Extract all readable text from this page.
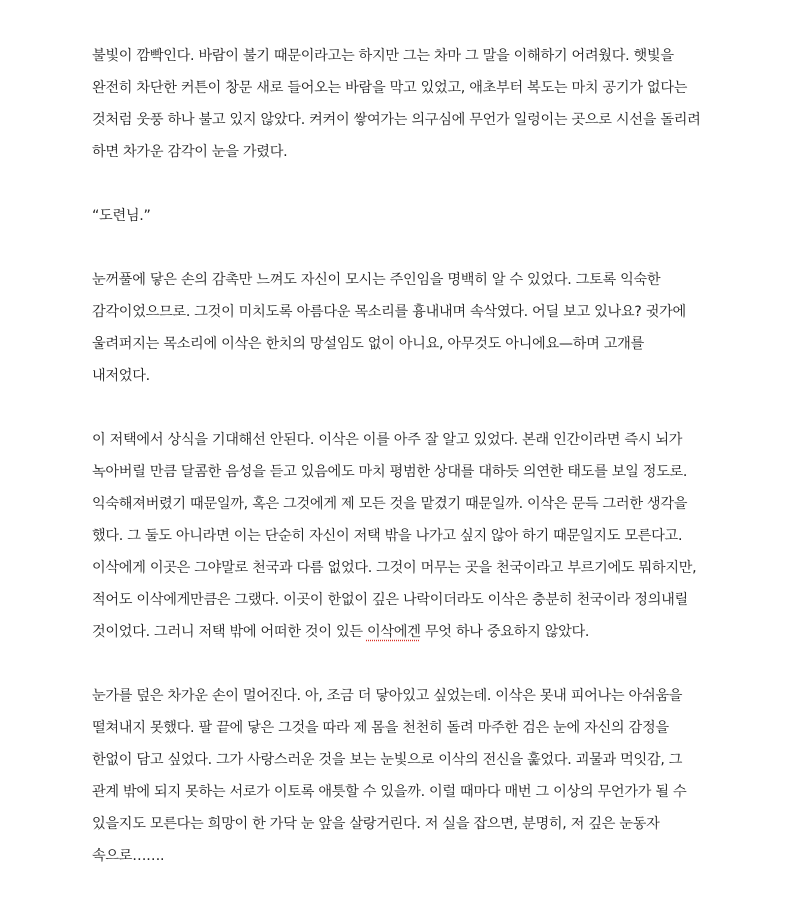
불빛이 깜빡인다. 바람이 불기 때문이라고는 하지만 그는 차마 그 말을 이해하기 어려웠다. 햇빛을
완전히 차단한 커튼이 창문 새로 들어오는 바람을 막고 있었고, 애초부터 복도는 마치 공기가 없다는
것처럼 웃풍 하나 불고 있지 않았다. 켜켜이 쌓여가는 의구심에 무언가 일렁이는 곳으로 시선을 돌리려
하면 차가운 감각이 눈을 가렸다.
“도련님.”
눈꺼풀에 닿은 손의 감촉만 느껴도 자신이 모시는 주인임을 명백히 알 수 있었다. 그토록 익숙한
감각이었으므로. 그것이 미치도록 아름다운 목소리를 흉내내며 속삭였다. 어딜 보고 있나요? 귓가에
울려퍼지는 목소리에 이삭은 한치의 망설임도 없이 아니요, 아무것도 아니에요—하며 고개를
내저었다.
이 저택에서 상식을 기대해선 안된다. 이삭은 이를 아주 잘 알고 있었다. 본래 인간이라면 즉시 뇌가
녹아버릴 만큼 달콤한 음성을 듣고 있음에도 마치 평범한 상대를 대하듯 의연한 태도를 보일 정도로.
익숙해져버렸기 때문일까, 혹은 그것에게 제 모든 것을 맡겼기 때문일까. 이삭은 문득 그러한 생각을
했다. 그 둘도 아니라면 이는 단순히 자신이 저택 밖을 나가고 싶지 않아 하기 때문일지도 모른다고.
이삭에게 이곳은 그야말로 천국과 다름 없었다. 그것이 머무는 곳을 천국이라고 부르기에도 뭐하지만,
적어도 이삭에게만큼은 그랬다. 이곳이 한없이 깊은 나락이더라도 이삭은 충분히 천국이라 정의내릴
것이었다. 그러니 저택 밖에 어떠한 것이 있든 이삭에겐 무엇 하나 중요하지 않았다.
눈가를 덮은 차가운 손이 멀어진다. 아, 조금 더 닿아있고 싶었는데. 이삭은 못내 피어나는 아쉬움을
떨쳐내지 못했다. 팔 끝에 닿은 그것을 따라 제 몸을 천천히 돌려 마주한 검은 눈에 자신의 감정을
한없이 담고 싶었다. 그가 사랑스러운 것을 보는 눈빛으로 이삭의 전신을 훑었다. 괴물과 먹잇감, 그
관계 밖에 되지 못하는 서로가 이토록 애틋할 수 있을까. 이럴 때마다 매번 그 이상의 무언가가 될 수
있을지도 모른다는 희망이 한 가닥 눈 앞을 살랑거린다. 저 실을 잡으면, 분명히, 저 깊은 눈동자
속으로…….
